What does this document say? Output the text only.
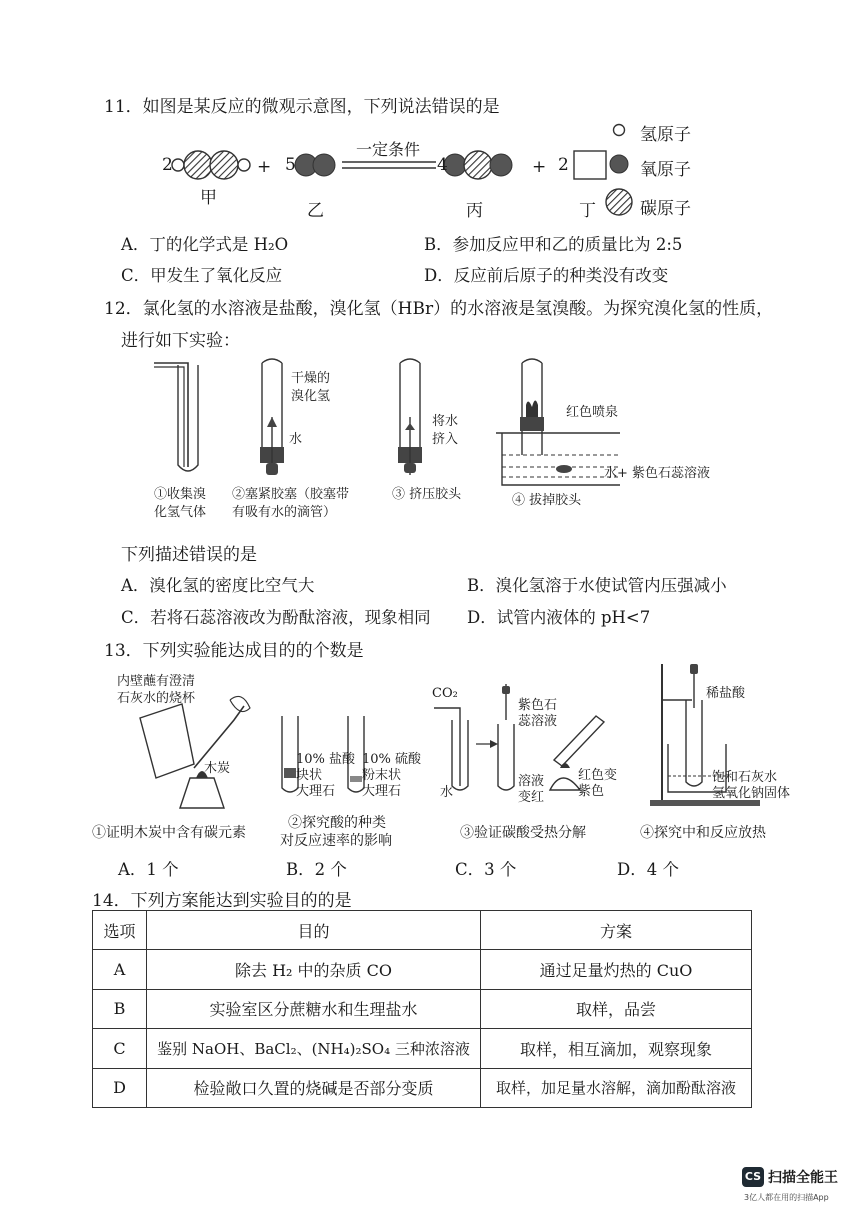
11．如图是某反应的微观示意图，下列说法错误的是
2	+ 5
一定条件
4	+ 2
甲
乙	丙	丁
氢原子
氧原子
碳原子
A．丁的化学式是 H₂O	B．参加反应甲和乙的质量比为 2:5
C．甲发生了氧化反应	D．反应前后原子的种类没有改变
12．氯化氢的水溶液是盐酸，溴化氢（HBr）的水溶液是氢溴酸。为探究溴化氢的性质，
进行如下实验：
干燥的
溴化氢
水
将水
挤入
红色喷泉
水+ 紫色石蕊溶液
①收集溴
化氢气体
②塞紧胶塞（胶塞带
有吸有水的滴管）
③ 挤压胶头	④ 拔掉胶头
下列描述错误的是
A．溴化氢的密度比空气大	B．溴化氢溶于水使试管内压强减小
C．若将石蕊溶液改为酚酞溶液，现象相同 D．试管内液体的 pH<7
13．下列实验能达成目的的个数是
内壁蘸有澄清
石灰水的烧杯
木炭
10% 盐酸
块状
大理石
10% 硫酸
粉末状
大理石
CO₂
水
紫色石
蕊溶液
溶液
变红
红色变
紫色
稀盐酸
饱和石灰水
氢氧化钠固体
①证明木炭中含有碳元素
②探究酸的种类
对反应速率的影响	③验证碳酸受热分解	④探究中和反应放热
A．1 个	B．2 个	C．3 个	D．4 个
14．下列方案能达到实验目的的是
选项	目的	方案
A	除去 H₂ 中的杂质 CO	通过足量灼热的 CuO
B	实验室区分蔗糖水和生理盐水	取样，品尝
C	鉴别 NaOH、BaCl₂、(NH₄)₂SO₄ 三种浓溶液	取样，相互滴加，观察现象
D	检验敞口久置的烧碱是否部分变质	取样，加足量水溶解，滴加酚酞溶液
CS 扫描全能王
3亿人都在用的扫描App
